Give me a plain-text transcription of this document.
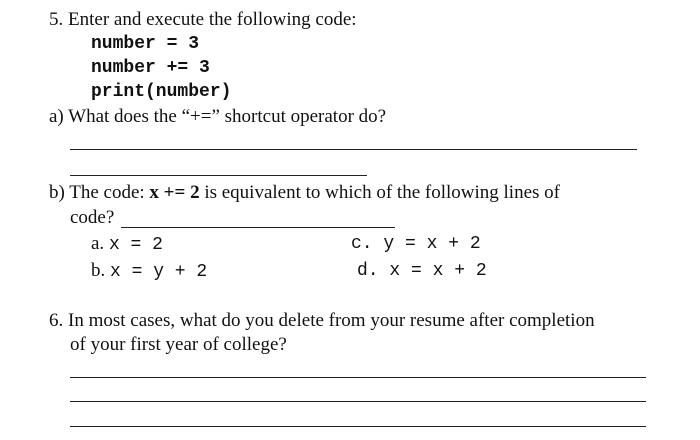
5. Enter and execute the following code:
number = 3
number += 3
print(number)
a) What does the “+=” shortcut operator do?
b) The code: x += 2 is equivalent to which of the following lines of
code?
a. x = 2	c. y = x + 2
b. x = y + 2	d. x = x + 2
6. In most cases, what do you delete from your resume after completion
of your first year of college?
